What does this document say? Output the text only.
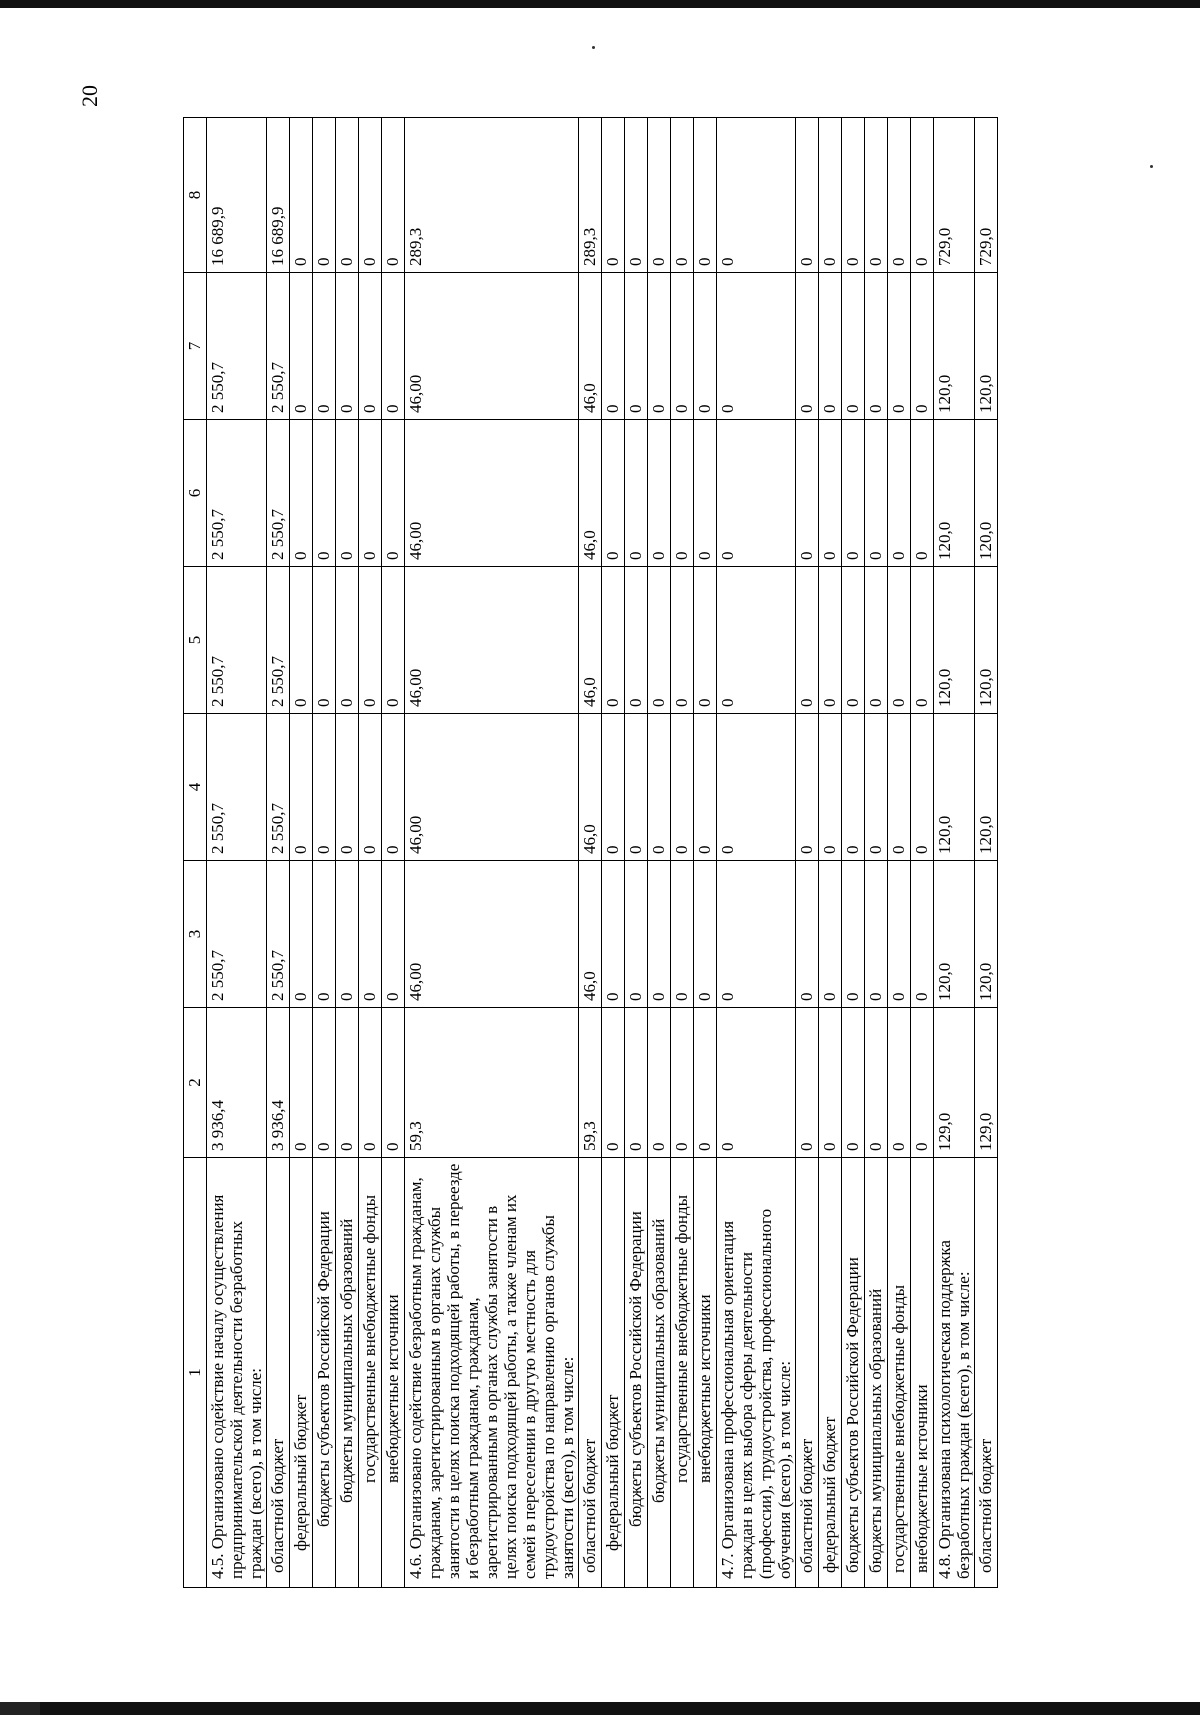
20
1	2	3	4	5	6	7	8
4.5. Организовано содействие началу осуществления предпринимательской деятельности безработных граждан (всего), в том числе:	3 936,4	2 550,7	2 550,7	2 550,7	2 550,7	2 550,7	16 689,9
областной бюджет	3 936,4	2 550,7	2 550,7	2 550,7	2 550,7	2 550,7	16 689,9
федеральный бюджет	0	0	0	0	0	0	0
бюджеты субъектов Российской Федерации	0	0	0	0	0	0	0
бюджеты муниципальных образований	0	0	0	0	0	0	0
государственные внебюджетные фонды	0	0	0	0	0	0	0
внебюджетные источники	0	0	0	0	0	0	0
4.6. Организовано содействие безработным гражданам, гражданам, зарегистрированным в органах службы занятости в целях поиска подходящей работы, в переезде и безработным гражданам, гражданам, зарегистрированным в органах службы занятости в целях поиска подходящей работы, а также членам их семей в переселении в другую местность для трудоустройства по направлению органов службы занятости (всего), в том числе:	59,3	46,00	46,00	46,00	46,00	46,00	289,3
областной бюджет	59,3	46,0	46,0	46,0	46,0	46,0	289,3
федеральный бюджет	0	0	0	0	0	0	0
бюджеты субъектов Российской Федерации	0	0	0	0	0	0	0
бюджеты муниципальных образований	0	0	0	0	0	0	0
государственные внебюджетные фонды	0	0	0	0	0	0	0
внебюджетные источники	0	0	0	0	0	0	0
4.7. Организована профессиональная ориентация граждан в целях выбора сферы деятельности (профессии), трудоустройства, профессионального обучения (всего), в том числе:	0	0	0	0	0	0	0
областной бюджет	0	0	0	0	0	0	0
федеральный бюджет	0	0	0	0	0	0	0
бюджеты субъектов Российской Федерации	0	0	0	0	0	0	0
бюджеты муниципальных образований	0	0	0	0	0	0	0
государственные внебюджетные фонды	0	0	0	0	0	0	0
внебюджетные источники	0	0	0	0	0	0	0
4.8. Организована психологическая поддержка безработных граждан (всего), в том числе:	129,0	120,0	120,0	120,0	120,0	120,0	729,0
областной бюджет	129,0	120,0	120,0	120,0	120,0	120,0	729,0
